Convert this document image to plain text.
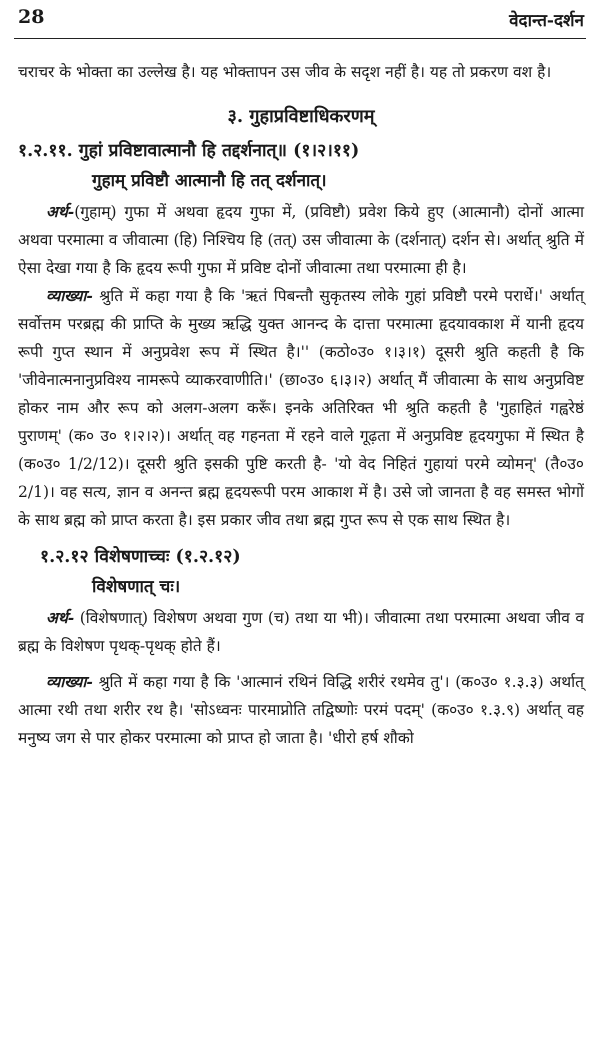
28	वेदान्त-दर्शन

चराचर के भोक्ता का उल्लेख है। यह भोक्तापन उस जीव के सदृश नहीं है। यह तो प्रकरण वश है।

३. गुहाप्रविष्टाधिकरणम्
१.२.११. गुहां प्रविष्टावात्मानौ हि तद्दर्शनात्॥ (१।२।११)
गुहाम् प्रविष्टौ आत्मानौ हि तत् दर्शनात्।

अर्थ-(गुहाम्) गुफा में अथवा हृदय गुफा में, (प्रविष्टौ) प्रवेश किये हुए (आत्मानौ) दोनों आत्मा अथवा परमात्मा व जीवात्मा (हि) निश्चिय हि (तत्) उस जीवात्मा के (दर्शनात्) दर्शन से। अर्थात् श्रुति में ऐसा देखा गया है कि हृदय रूपी गुफा में प्रविष्ट दोनों जीवात्मा तथा परमात्मा ही है।

व्याख्या- श्रुति में कहा गया है कि 'ऋतं पिबन्तौ सुकृतस्य लोके गुहां प्रविष्टौ परमे परार्धे।' अर्थात् सर्वोत्तम परब्रह्म की प्राप्ति के मुख्य ऋद्धि युक्त आनन्द के दात्ता परमात्मा हृदयावकाश में यानी हृदय रूपी गुप्त स्थान में अनुप्रवेश रूप में स्थित है।'' (कठो०उ० १।३।१) दूसरी श्रुति कहती है कि 'जीवेनात्मनानुप्रविश्य नामरूपे व्याकरवाणीति।' (छा०उ० ६।३।२) अर्थात् मैं जीवात्मा के साथ अनुप्रविष्ट होकर नाम और रूप को अलग-अलग करूँ। इनके अतिरिक्त भी श्रुति कहती है 'गुहाहितं गह्वरेष्ठं पुराणम्' (क० उ० १।२।२)। अर्थात् वह गहनता में रहने वाले गूढ़ता में अनुप्रविष्ट हृदयगुफा में स्थित है (क०उ० 1/2/12)। दूसरी श्रुति इसकी पुष्टि करती है- 'यो वेद निहितं गुहायां परमे व्योमन्' (तै०उ० 2/1)। वह सत्य, ज्ञान व अनन्त ब्रह्म हृदयरूपी परम आकाश में है। उसे जो जानता है वह समस्त भोगों के साथ ब्रह्म को प्राप्त करता है। इस प्रकार जीव तथा ब्रह्म गुप्त रूप से एक साथ स्थित है।

१.२.१२ विशेषणाच्चः (१.२.१२)
विशेषणात् चः।

अर्थ- (विशेषणात्) विशेषण अथवा गुण (च) तथा या भी)। जीवात्मा तथा परमात्मा अथवा जीव व ब्रह्म के विशेषण पृथक्-पृथक् होते हैं।

व्याख्या- श्रुति में कहा गया है कि 'आत्मानं रथिनं विद्धि शरीरं रथमेव तु'। (क०उ० १.३.३) अर्थात् आत्मा रथी तथा शरीर रथ है। 'सोऽध्वनः पारमाप्नोति तद्विष्णोः परमं पदम्' (क०उ० १.३.९) अर्थात् वह मनुष्य जग से पार होकर परमात्मा को प्राप्त हो जाता है। 'धीरो हर्ष शौको
